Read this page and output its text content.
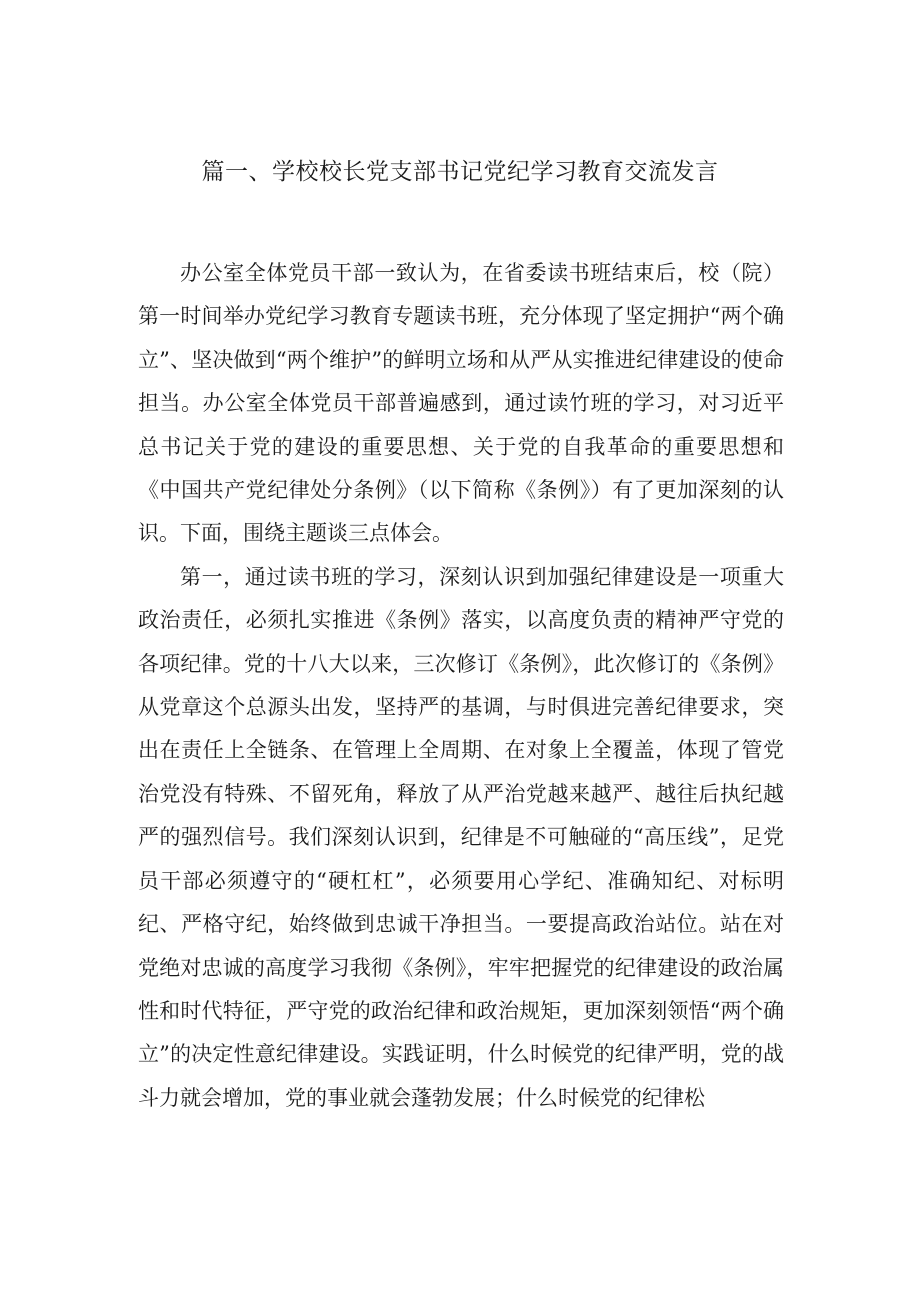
篇一、学校校长党支部书记党纪学习教育交流发言

办公室全体党员干部一致认为，在省委读书班结束后，校（院）第一时间举办党纪学习教育专题读书班，充分体现了坚定拥护“两个确立”、坚决做到“两个维护”的鲜明立场和从严从实推进纪律建设的使命担当。办公室全体党员干部普遍感到，通过读竹班的学习，对习近平总书记关于党的建设的重要思想、关于党的自我革命的重要思想和《中国共产党纪律处分条例》（以下简称《条例》）有了更加深刻的认识。下面，围绕主题谈三点体会。

第一，通过读书班的学习，深刻认识到加强纪律建设是一项重大政治责任，必须扎实推进《条例》落实，以高度负责的精神严守党的各项纪律。党的十八大以来，三次修订《条例》，此次修订的《条例》从党章这个总源头出发，坚持严的基调，与时俱进完善纪律要求，突出在责任上全链条、在管理上全周期、在对象上全覆盖，体现了管党治党没有特殊、不留死角，释放了从严治党越来越严、越往后执纪越严的强烈信号。我们深刻认识到，纪律是不可触碰的“高压线”，足党员干部必须遵守的“硬杠杠”，必须要用心学纪、准确知纪、对标明纪、严格守纪，始终做到忠诚干净担当。一要提高政治站位。站在对党绝对忠诚的高度学习我彻《条例》，牢牢把握党的纪律建设的政治属性和时代特征，严守党的政治纪律和政治规矩，更加深刻领悟“两个确立”的决定性意纪律建设。实践证明，什么时候党的纪律严明，党的战斗力就会增加，党的事业就会蓬勃发展；什么时候党的纪律松
